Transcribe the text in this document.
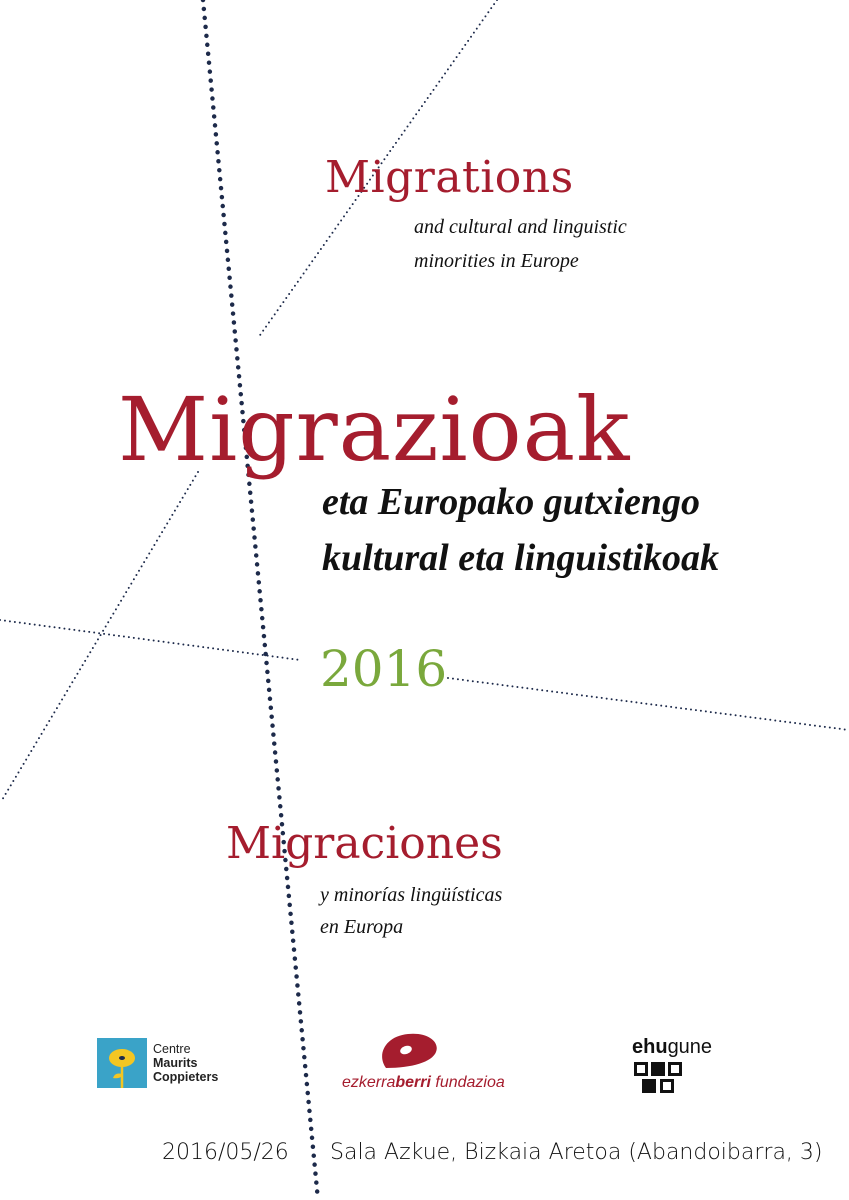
Migrations

and cultural and linguistic

minorities in Europe

Migrazioak

eta Europako gutxiengo

kultural eta linguistikoak

2016

Migraciones

y minorías lingüísticas

en Europa

Centre
Maurits
Coppieters	ezkerraberri fundazioa
ehugune

2016/05/26 Sala Azkue, Bizkaia Aretoa (Abandoibarra, 3)
